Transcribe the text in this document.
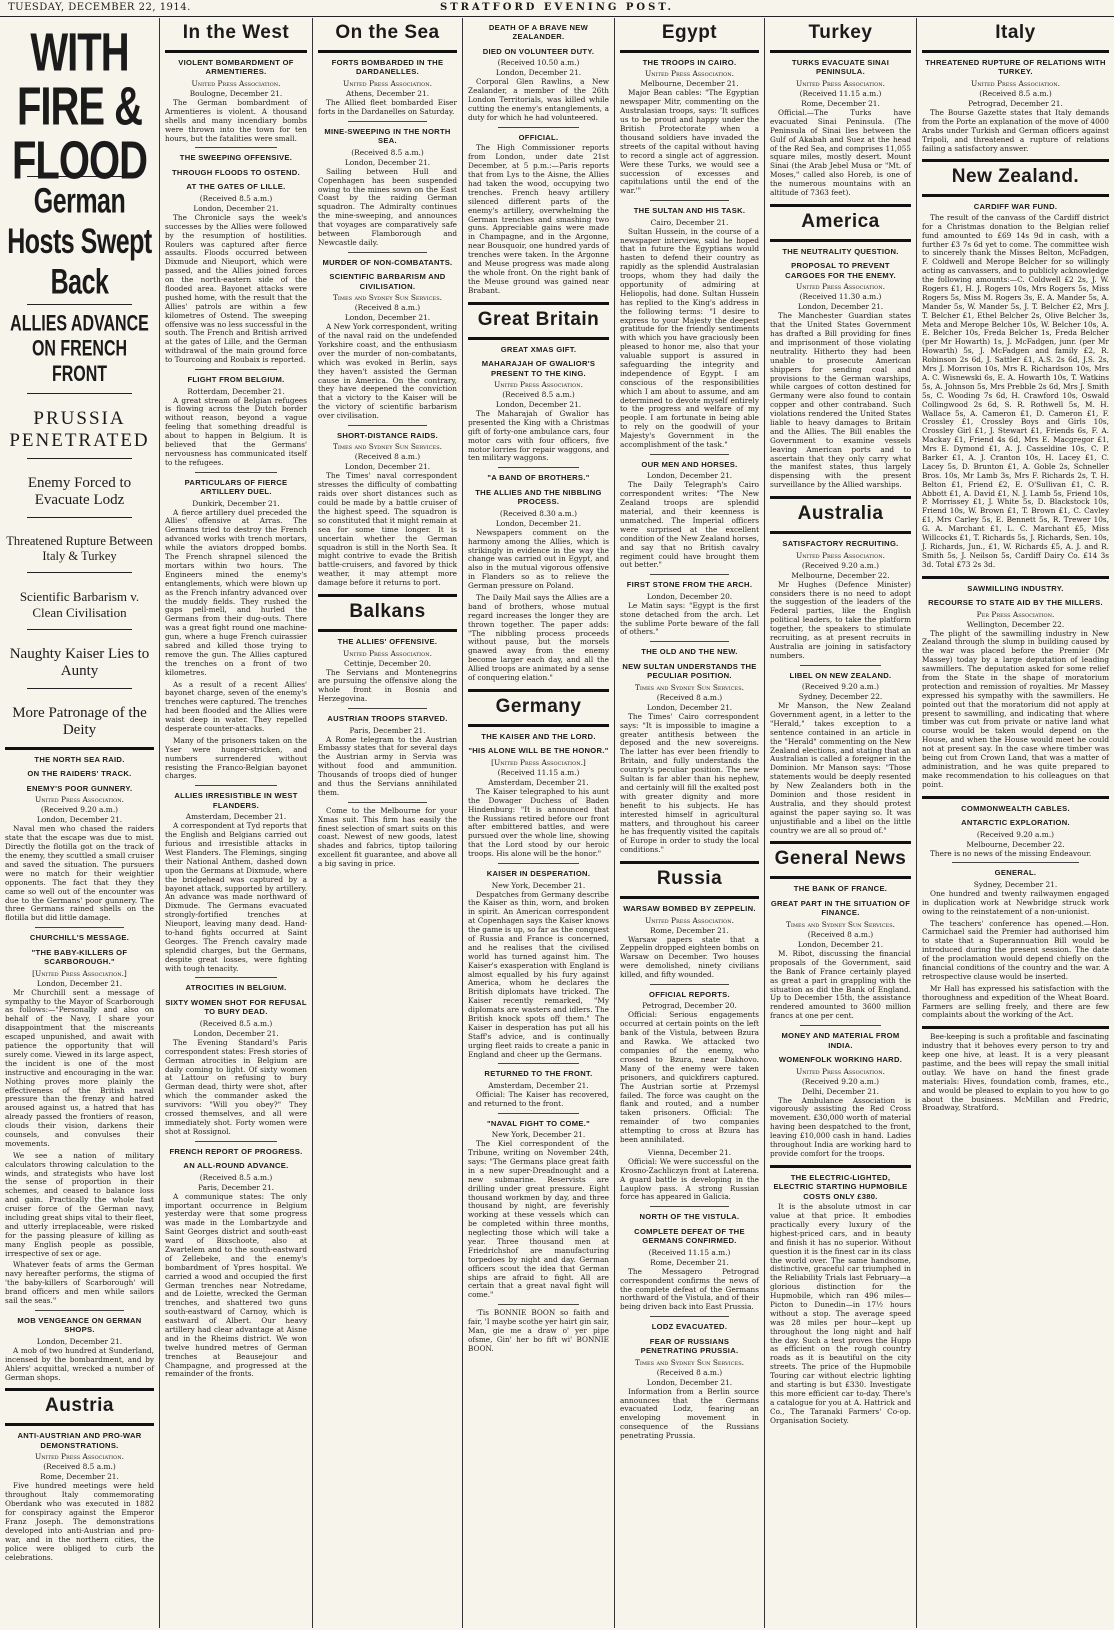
TUESDAY, DECEMBER 22, 1914.	STRATFORD EVENING POST.
WITH FIRE & FLOOD
German Hosts Swept Back
ALLIES ADVANCE ON FRENCH FRONT
PRUSSIA PENETRATED
Enemy Forced to Evacuate Lodz
Threatened Rupture Between Italy & Turkey
Scientific Barbarism v. Clean Civilisation
Naughty Kaiser Lies to Aunty
More Patronage of the Deity
THE NORTH SEA RAID.
ON THE RAIDERS' TRACK.
ENEMY'S POOR GUNNERY.
United Press Association.
(Received 9.20 a.m.)
London, December 21.

Naval men who chased the raiders state that the escape was due to mist. Directly the flotilla got on the track of the enemy, they scuttled a small cruiser and saved the situation. The pursuers were no match for their weightier opponents. The fact that they they came so well out of the encounter was due to the Germans' poor gunnery. The three Germans rained shells on the flotilla but did little damage.

CHURCHILL'S MESSAGE.
"THE BABY-KILLERS OF SCARBOROUGH."
[United Press Association.]
London, December 21.

Mr Churchill sent a message of sympathy to the Mayor of Scarborough as follows:—"Personally and also on behalf of the Navy, I share your disappointment that the miscreants escaped unpunished, and await with patience the opportunity that will surely come. Viewed in its large aspect, the incident is one of the most instructive and encouraging in the war. Nothing proves more plainly the effectiveness of the British naval pressure than the frenzy and hatred aroused against us, a hatred that has already passed the frontiers of reason, clouds their vision, darkens their counsels, and convulses their movements.

We see a nation of military calculators throwing calculation to the winds, and strategists who have lost the sense of proportion in their schemes, and ceased to balance loss and gain. Practically the whole fast cruiser force of the German navy, including great ships vital to their fleet, and utterly irreplaceable, were risked for the passing pleasure of killing as many English people as possible, irrespective of sex or age.

Whatever feats of arms the German navy hereafter performs, the stigma of 'the baby-killers of Scarborough' will brand officers and men while sailors sail the seas."

MOB VENGEANCE ON GERMAN SHOPS.
London, December 21.

A mob of two hundred at Sunderland, incensed by the bombardment, and by Ahlers' acquittal, wrecked a number of German shops.

Austria
ANTI-AUSTRIAN AND PRO-WAR DEMONSTRATIONS.
United Press Association.
(Received 8.5 a.m.)
Rome, December 21.

Five hundred meetings were held throughout Italy commemorating Oberdank who was executed in 1882 for conspiracy against the Emperor Franz Joseph. The demonstrations developed into anti-Austrian and pro-war, and in the northern cities, the police were obliged to curb the celebrations.

In the West
VIOLENT BOMBARDMENT OF ARMENTIERES.
United Press Association.
Boulogne, December 21.

The German bombardment of Armentieres is violent. A thousand shells and many incendiary bombs were thrown into the town for ten hours, but the fatalities were small.

THE SWEEPING OFFENSIVE.
THROUGH FLOODS TO OSTEND.
AT THE GATES OF LILLE.
(Received 8.5 a.m.)
London, December 21.

The Chronicle says the week's successes by the Allies were followed by the resumption of hostilities. Roulers was captured after fierce assaults. Floods occurred between Dixmude and Nieuport, which were passed, and the Allies joined forces on the north-eastern side of the flooded area. Bayonet attacks were pushed home, with the result that the Allies' patrols are within a few kilometres of Ostend. The sweeping offensive was no less successful in the south. The French and British arrived at the gates of Lille, and the German withdrawal of the main ground force to Tourcoing and Roubaix is reported.

FLIGHT FROM BELGIUM.
Rotterdam, December 21.

A great stream of Belgian refugees is flowing across the Dutch border without reason, beyond a vague feeling that something dreadful is about to happen in Belgium. It is believed that the Germans' nervousness has communicated itself to the refugees.

PARTICULARS OF FIERCE ARTILLERY DUEL.
Dunkirk, December 21.

A fierce artillery duel preceded the Allies' offensive at Arras. The Germans tried to destroy the French advanced works with trench mortars, while the aviators dropped bombs. The French shrapnel silenced the mortars within two hours. The Engineers mined the enemy's entanglements, which were blown up as the French infantry advanced over the muddy fields. They rushed the gaps pell-mell, and hurled the Germans from their dug-outs. There was a great fight round one machine-gun, where a huge French cuirassier sabred and killed those trying to remove the gun. The Allies captured the trenches on a front of two kilometres.

As a result of a recent Allies' bayonet charge, seven of the enemy's trenches were captured. The trenches had been flooded and the Allies were waist deep in water. They repelled desperate counter-attacks.

Many of the prisoners taken on the Yser were hunger-stricken, and numbers surrendered without resisting the Franco-Belgian bayonet charges.

ALLIES IRRESISTIBLE IN WEST FLANDERS.
Amsterdam, December 21.

A correspondent at Tyd reports that the English and Belgians carried out furious and irresistible attacks in West Flanders. The Flemings, singing their National Anthem, dashed down upon the Germans at Dixmude, where the bridgehead was captured by a bayonet attack, supported by artillery. An advance was made northward of Dixmude. The Germans evacuated strongly-fortified trenches at Nieuport, leaving many dead. Hand-to-hand fights occurred at Saint Georges. The French cavalry made splendid charges, but the Germans, despite great losses, were fighting with tough tenacity.

ATROCITIES IN BELGIUM.
SIXTY WOMEN SHOT FOR REFUSAL TO BURY DEAD.
(Received 8.5 a.m.)
London, December 21.

The Evening Standard's Paris correspondent states: Fresh stories of German atrocities in Belgium are daily coming to light. Of sixty women at Lattour on refusing to bury German dead, thirty were shot, after which the commander asked the survivors: "Will you obey?" They crossed themselves, and all were immediately shot. Forty women were shot at Rossignol.

FRENCH REPORT OF PROGRESS.
AN ALL-ROUND ADVANCE.
(Received 8.5 a.m.)
Paris, December 21.

A communique states: The only important occurrence in Belgium yesterday were that some progress was made in the Lombartzyde and Saint Georges district and south-east ward of Bixschoote, also at Zwartelem and to the south-eastward of Zellebeke, and the enemy's bombardment of Ypres hospital. We carried a wood and occupied the first German trenches near Notredame, and de Loiette, wrecked the German trenches, and shattered two guns south-eastward of Carnoy, which is eastward of Albert. Our heavy artillery had clear advantage at Aisne and in the Rheims district. We won twelve hundred metres of German trenches at Beausejour and Champagne, and progressed at the remainder of the fronts.

On the Sea
FORTS BOMBARDED IN THE DARDANELLES.
United Press Association.
Athens, December 21.

The Allied fleet bombarded Eiser forts in the Dardanelles on Saturday.

MINE-SWEEPING IN THE NORTH SEA.
(Received 8.5 a.m.)
London, December 21.

Sailing between Hull and Copenhagen has been suspended owing to the mines sown on the East Coast by the raiding German squadron. The Admiralty continues the mine-sweeping, and announces that voyages are comparatively safe between Flamborough and Newcastle daily.

MURDER OF NON-COMBATANTS.
SCIENTIFIC BARBARISM AND CIVILISATION.
Times and Sydney Sun Services.
(Received 8 a.m.)
London, December 21.

A New York correspondent, writing of the naval raid on the undefended Yorkshire coast, and the enthusiasm over the murder of non-combatants, which was evoked in Berlin, says they haven't assisted the German cause in America. On the contrary, they have deepened the conviction that a victory to the Kaiser will be the victory of scientific barbarism over civilisation.

SHORT-DISTANCE RAIDS.
Times and Sydney Sun Services.
(Received 8 a.m.)
London, December 21.

The Times' naval correspondent stresses the difficulty of combatting raids over short distances such as could be made by a battle cruiser of the highest speed. The squadron is so constituted that it might remain at sea for some time longer. It is uncertain whether the German squadron is still in the North Sea. It might contrive to evade the British battle-cruisers, and favored by thick weather, it may attempt more damage before it returns to port.

Balkans
THE ALLIES' OFFENSIVE.
United Press Association.
Cettinje, December 20.

The Servians and Montenegrins are pursuing the offensive along the whole front in Bosnia and Herzegovina.

AUSTRIAN TROOPS STARVED.
Paris, December 21.

A Rome telegram to the Austrian Embassy states that for several days the Austrian army in Servia was without food and ammunition. Thousands of troops died of hunger and thus the Servians annihilated them.

Come to the Melbourne for your Xmas suit. This firm has easily the finest selection of smart suits on this coast. Newest of new goods, latest shades and fabrics, tiptop tailoring excellent fit guarantee, and above all a big saving in price.

DEATH OF A BRAVE NEW ZEALANDER.
DIED ON VOLUNTEER DUTY.
(Received 10.50 a.m.)
London, December 21.

Corporal Glen Rawlins, a New Zealander, a member of the 26th London Territorials, was killed while cutting the enemy's entanglements, a duty for which he had volunteered.

OFFICIAL.

The High Commissioner reports from London, under date 21st December, at 5 p.m.:—Paris reports that from Lys to the Aisne, the Allies had taken the wood, occupying two trenches. French heavy artillery silenced different parts of the enemy's artillery, overwhelming the German trenches and smashing two guns. Appreciable gains were made in Champagne, and in the Argonne, near Bousquoir, one hundred yards of trenches were taken. In the Argonne and Meuse progress was made along the whole front. On the right bank of the Meuse ground was gained near Brabant.

Great Britain
GREAT XMAS GIFT.
MAHARAJAH OF GWALIOR'S PRESENT TO THE KING.
United Press Association.
(Received 8.5 a.m.)
London, December 21.

The Maharajah of Gwalior has presented the King with a Christmas gift of forty-one ambulance cars, four motor cars with four officers, five motor lorries for repair waggons, and ten military waggons.

"A BAND OF BROTHERS."
THE ALLIES AND THE NIBBLING PROCESS.
(Received 8.30 a.m.)
London, December 21.

Newspapers comment on the harmony among the Allies, which is strikingly in evidence in the way the change was carried out in Egypt, and also in the mutual vigorous offensive in Flanders so as to relieve the German pressure on Poland.

The Daily Mail says the Allies are a band of brothers, whose mutual regard increases the longer they are thrown together. The paper adds: "The nibbling process proceeds without pause, but the morsels gnawed away from the enemy become larger each day, and all the Allied troops are animated by a sense of conquering elation."

Germany
THE KAISER AND THE LORD.
"HIS ALONE WILL BE THE HONOR."
[United Press Association.]
(Received 11.15 a.m.)
Amsterdam, December 21.

The Kaiser telegraphed to his aunt the Dowager Duchess of Baden Hindenburg: "It is announced that the Russians retired before our front after embittered battles, and were pursued over the whole line, showing that the Lord stood by our heroic troops. His alone will be the honor."

KAISER IN DESPERATION.
New York, December 21.

Despatches from Germany describe the Kaiser as thin, worn, and broken in spirit. An American correspondent at Copenhagen says the Kaiser knows the game is up, so far as the conquest of Russia and France is concerned, and he realises that the civilised world has turned against him. The Kaiser's exasperation with England is almost equalled by his fury against America, whom he declares the British diplomats have tricked. The Kaiser recently remarked, "My diplomats are wasters and idlers. The British knock spots off them." The Kaiser in desperation has put all his Staff's advice, and is continually urging fleet raids to create a panic in England and cheer up the Germans.

RETURNED TO THE FRONT.
Amsterdam, December 21.

Official: The Kaiser has recovered, and returned to the front.

"NAVAL FIGHT TO COME."
New York, December 21.

The Kiel correspondent of the Tribune, writing on November 24th, says: "The Germans place great faith in a new super-Dreadnought and a new submarine. Reservists are drilling under great pressure. Eight thousand workmen by day, and three thousand by night, are feverishly working at these vessels which can be completed within three months, neglecting those which will take a year. Three thousand men at Friedrichshof are manufacturing torpedoes by night and day. German officers scout the idea that German ships are afraid to fight. All are certain that a great naval fight will come."

'Tis BONNIE BOON so faith and fair, 'I maybe scothe yer hairt gin sair, Man, gie me a draw o' yer pipe ofsme, Gin' her bo fift wi' BONNIE BOON.

Egypt
THE TROOPS IN CAIRO.
United Press Association.
Melbourne, December 21.

Major Bean cables: "The Egyptian newspaper Mitr, commenting on the Australasian troops, says: 'It suffices us to be proud and happy under the British Protectorate when a thousand soldiers have invaded the streets of the capital without having to record a single act of aggression. Were these Turks, we would see a succession of excesses and capitulations until the end of the war.'"

THE SULTAN AND HIS TASK.
Cairo, December 21.

Sultan Hussein, in the course of a newspaper interview, said he hoped that in future the Egyptians would hasten to defend their country as rapidly as the splendid Australasian troops, whom they had daily the opportunity of admiring at Heliopolis, had done. Sultan Hussein has replied to the King's address in the following terms: "I desire to express to your Majesty the deepest gratitude for the friendly sentiments with which you have graciously been pleased to honor me, also that your valuable support is assured in safeguarding the integrity and independence of Egypt. I am conscious of the responsibilities which I am about to assume, and am determined to devote myself entirely to the progress and welfare of my people. I am fortunate in being able to rely on the goodwill of your Majesty's Government in the accomplishment of the task."

OUR MEN AND HORSES.
London, December 21.

The Daily Telegraph's Cairo correspondent writes: "The New Zealand troops are splendid material, and their keenness is unmatched. The Imperial officers were surprised at the excellent condition of the New Zealand horses, and say that no British cavalry regiment could have brought them out better."

FIRST STONE FROM THE ARCH.
London, December 20.

Le Matin says: "Egypt is the first stone detached from the arch. Let the sublime Porte beware of the fall of others."

THE OLD AND THE NEW.
NEW SULTAN UNDERSTANDS THE PECULIAR POSITION.
Times and Sydney Sun Services.
(Received 8 a.m.)
London, December 21.

The Times' Cairo correspondent says: "It is impossible to imagine a greater antithesis between the deposed and the new sovereigns. The latter has ever been friendly to Britain, and fully understands the country's peculiar position. The new Sultan is far abler than his nephew, and certainly will fill the exalted post with greater dignity and more benefit to his subjects. He has interested himself in agricultural matters, and throughout his career he has frequently visited the capitals of Europe in order to study the local conditions."

Russia
WARSAW BOMBED BY ZEPPELIN.
United Press Association.
Rome, December 21.

Warsaw papers state that a Zeppelin dropped eighteen bombs on Warsaw on December. Two houses were demolished, ninety civilians killed, and fifty wounded.

OFFICIAL REPORTS.
Petrograd, December 20.

Official: Serious engagements occurred at certain points on the left bank of the Vistula, between Bzura and Rawka. We attacked two companies of the enemy, who crossed to Bzura, near Dakhovo. Many of the enemy were taken prisoners, and quickfirers captured. The Austrian sortie at Przemysl failed. The force was caught on the flank and routed, and a number taken prisoners. Official: The remainder of two companies attempting to cross at Bzura has been annihilated.

Vienna, December 21.

Official: We were successful on the Krosno-Zachliczyn front at Laterena. A guard battle is developing in the Lauplow pass. A strong Russian force has appeared in Galicia.

NORTH OF THE VISTULA.
COMPLETE DEFEAT OF THE GERMANS CONFIRMED.
(Received 11.15 a.m.)
Rome, December 21.

The Messagero Petrograd correspondent confirms the news of the complete defeat of the Germans northward of the Vistula, and of their being driven back into East Prussia.

LODZ EVACUATED.
FEAR OF RUSSIANS PENETRATING PRUSSIA.
Times and Sydney Sun Services.
(Received 8 a.m.)
London, December 21.

Information from a Berlin source announces that the Germans evacuated Lodz, fearing an enveloping movement in consequence of the Russians penetrating Prussia.

Turkey
TURKS EVACUATE SINAI PENINSULA.
United Press Association.
(Received 11.15 a.m.)
Rome, December 21.

Official.—The Turks have evacuated Sinai Peninsula. (The Peninsula of Sinai lies between the Gulf of Akabah and Suez at the head of the Red Sea, and comprises 11,055 square miles, mostly desert. Mount Sinai (the Arab Jebel Musa or "Mt. of Moses," called also Horeb, is one of the numerous mountains with an altitude of 7363 feet).

America
THE NEUTRALITY QUESTION.
PROPOSAL TO PREVENT CARGOES FOR THE ENEMY.
United Press Association.
(Received 11.30 a.m.)
London, December 21.

The Manchester Guardian states that the United States Government has drafted a Bill providing for fines and imprisonment of those violating neutrality. Hitherto they had been unable to prosecute American shippers for sending coal and provisions to the German warships, while cargoes of cotton destined for Germany were also found to contain copper and other contraband. Such violations rendered the United States liable to heavy damages to Britain and the Allies. The Bill enables the Government to examine vessels leaving American ports and to ascertain that they only carry what the manifest states, thus largely dispensing with the present surveillance by the Allied warships.

Australia
SATISFACTORY RECRUITING.
United Press Association.
(Received 9.20 a.m.)
Melbourne, December 22.

Mr Hughes (Defence Minister) considers there is no need to adopt the suggestion of the leaders of the Federal parties, like the English political leaders, to take the platform together, the speakers to stimulate recruiting, as at present recruits in Australia are joining in satisfactory numbers.

LIBEL ON NEW ZEALAND.
(Received 9.20 a.m.)
Sydney, December 22.

Mr Manson, the New Zealand Government agent, in a letter to the "Herald," takes exception to a sentence contained in an article in the "Herald" commenting on the New Zealand elections, and stating that an Australian is called a foreigner in the Dominion. Mr Manson says: "Those statements would be deeply resented by New Zealanders both in the Dominion and those resident in Australia, and they should protest against the paper saying so. It was unjustifiable and a libel on the little country we are all so proud of."

General News
THE BANK OF FRANCE.
GREAT PART IN THE SITUATION OF FINANCE.
Times and Sydney Sun Services.
(Received 8 a.m.)
London, December 21.

M. Ribot, discussing the financial proposals of the Government, said the Bank of France certainly played as great a part in grappling with the situation as did the Bank of England. Up to December 15th, the assistance rendered amounted to 3600 million francs at one per cent.

MONEY AND MATERIAL FROM INDIA.
WOMENFOLK WORKING HARD.
United Press Association.
(Received 9.20 a.m.)
Delhi, December 21.

The Ambulance Association is vigorously assisting the Red Cross movement. £30,000 worth of material having been despatched to the front, leaving £10,000 cash in hand. Ladies throughout India are working hard to provide comfort for the troops.

THE ELECTRIC-LIGHTED, ELECTRIC STARTING HUPMOBILE COSTS ONLY £380.

It is the absolute utmost in car value at that price. It embodies practically every luxury of the highest-priced cars, and in beauty and finish it has no superior. Without question it is the finest car in its class the world over. The same handsome, distinctive, graceful car triumphed in the Reliability Trials last February—a glorious distinction for the Hupmobile, which ran 496 miles—Picton to Dunedin—in 17½ hours without a stop. The average speed was 28 miles per hour—kept up throughout the long night and half the day. Such a test proves the Hupp as efficient on the rough country roads as it is beautiful on the city streets. The price of the Hupmobile Touring car without electric lighting and starting is but £330. Investigate this more efficient car to-day. There's a catalogue for you at A. Hattrick and Co., The Taranaki Farmers' Co-op. Organisation Society.

Italy
THREATENED RUPTURE OF RELATIONS WITH TURKEY.
United Press Association.
(Received 8.5 a.m.)
Petrograd, December 21.

The Bourse Gazette states that Italy demands from the Porte an explanation of the move of 4000 Arabs under Turkish and German officers against Tripoli, and threatened a rupture of relations failing a satisfactory answer.

New Zealand.
CARDIFF WAR FUND.

The result of the canvass of the Cardiff district for a Christmas donation to the Belgian relief fund amounted to £69 14s 9d in cash, with a further £3 7s 6d yet to come. The committee wish to sincerely thank the Misses Belton, McFadgen, F. Coldwell and Merope Belcher for so willingly acting as canvassers, and to publicly acknowledge the following amounts:—C. Coldwell £2 2s, J. W. Rogers £1, H. J. Rogers 10s, Mrs Rogers 5s, Miss Rogers 5s, Miss M. Rogers 3s, E. A. Mander 5s, A. Mander 5s, W. Mander 5s, J. T. Belcher £2, Mrs J. T. Belcher £1, Ethel Belcher 2s, Olive Belcher 3s, Meta and Merope Belcher 10s, W. Belcher 10s, A. E. Belcher 10s, Freda Belcher 1s, Freda Belcher (per Mr Howarth) 1s, J. McFadgen, junr. (per Mr Howarth) 5s, J. McFadgen and family £2, R. Robinson 2s 6d, J. Sattler £1, A.S. 2s 6d, J.S. 2s, Mrs J. Morrison 10s, Mrs R. Richardson 10s, Mrs A. C. Wisnewski 6s, E. A. Howarth 10s, T. Watkins 5s, A. Johnson 5s, Mrs Prebble 2s 6d, Mrs J. Smith 5s, C. Wooding 7s 6d, H. Crawford 10s, Oswald Collingwood 2s 6d, S. R. Rothwell 5s, M. H. Wallace 5s, A. Cameron £1, D. Cameron £1, F. Crossley £1, Crossley Boys and Girls 10s, Crossley Girl £1, J. Stewart £1, Friends 6s, F. A. Mackay £1, Friend 4s 6d, Mrs E. Macgregor £1, Mrs E. Dymond £1, A. J. Casseldine 10s, C. P. Barker £1, A. J. Cranton 10s, H. Lacey £1, C. Lacey 5s, D. Brunton £1, A. Goble 2s, Schneller Bros. 10s, Mr Lamb 3s, Mrs F. Richards 2s, T. H. Belton £1, Friend £2, E. O'Sullivan £1, C. R. Abbott £1, A. David £1, N. J. Lamb 5s, Friend 10s, P. Morrissey £1, J. White 5s, D. Blackstock 10s, Friend 10s, W. Brown £1, T. Brown £1, C. Cavley £1, Mrs Carley 5s, E. Bennett 5s, R. Trewer 10s, G. A. Marchant £1, L. C. Marchant £5, Miss Willcocks £1, T. Richards 5s, J. Richards, Sen. 10s, J. Richards, Jun., £1, W. Richards £5, A. J. and R. Smith 5s, J. Neilson 5s, Cardiff Dairy Co. £14 3s 3d. Total £73 2s 3d.

SAWMILLING INDUSTRY.
RECOURSE TO STATE AID BY THE MILLERS.
Per Press Association.
Wellington, December 22.

The plight of the sawmilling industry in New Zealand through the slump in building caused by the war was placed before the Premier (Mr Massey) today by a large deputation of leading sawmillers. The deputation asked for some relief from the State in the shape of moratorium protection and remission of royalties. Mr Massey expressed his sympathy with the sawmillers. He pointed out that the moratorium did not apply at present to sawmilling, and indicating that where timber was cut from private or native land what course would be taken would depend on the House, and when the House would meet he could not at present say. In the case where timber was being cut from Crown Land, that was a matter of administration, and he was quite prepared to make recommendation to his colleagues on that point.

COMMONWEALTH CABLES.
ANTARCTIC EXPLORATION.
(Received 9.20 a.m.)
Melbourne, December 22.

There is no news of the missing Endeavour.

GENERAL.
Sydney, December 21.

One hundred and twenty railwaymen engaged in duplication work at Newbridge struck work owing to the reinstatement of a non-unionist.

The teachers' conference has opened.—Hon. Carmichael said the Premier had authorised him to state that a Superannuation Bill would be introduced during the present session. The date of the proclamation would depend chiefly on the financial conditions of the country and the war. A retrospective clause would be inserted.

Mr Hall has expressed his satisfaction with the thoroughness and expedition of the Wheat Board. Farmers are selling freely, and there are few complaints about the working of the Act.

Bee-keeping is such a profitable and fascinating industry that it behoves every person to try and keep one hive, at least. It is a very pleasant pastime, and the bees will repay the small initial outlay. We have on hand the finest grade materials: Hives, foundation comb, frames, etc., and would be pleased to explain to you how to go about the business. McMillan and Fredric, Broadway, Stratford.
